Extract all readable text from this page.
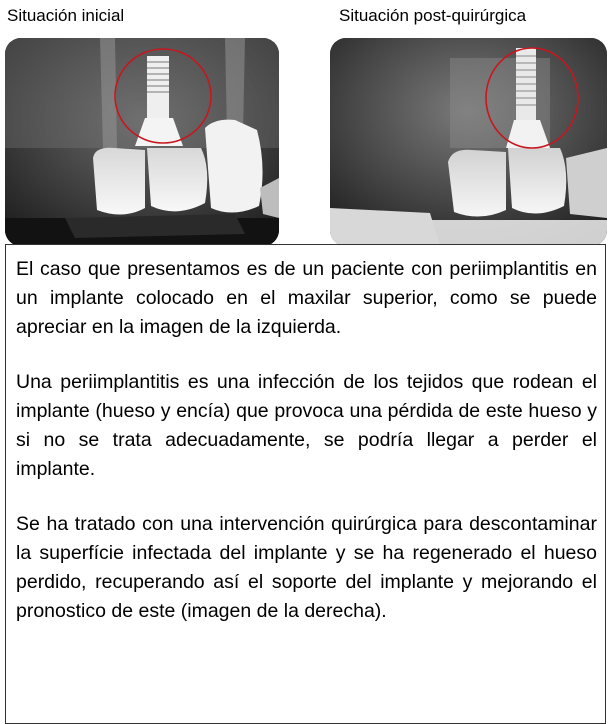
Situación inicial	Situación post-quirúrgica

El caso que presentamos es de un paciente con periimplantitis en un implante colocado en el maxilar superior, como se puede apreciar en la imagen de la izquierda.

Una periimplantitis es una infección de los tejidos que rodean el implante (hueso y encía) que provoca una pérdida de este hueso y si no se trata adecuadamente, se podría llegar a perder el implante.

Se ha tratado con una intervención quirúrgica para descontaminar la superfície infectada del implante y se ha regenerado el hueso perdido, recuperando así el soporte del implante y mejorando el pronostico de este (imagen de la derecha).
